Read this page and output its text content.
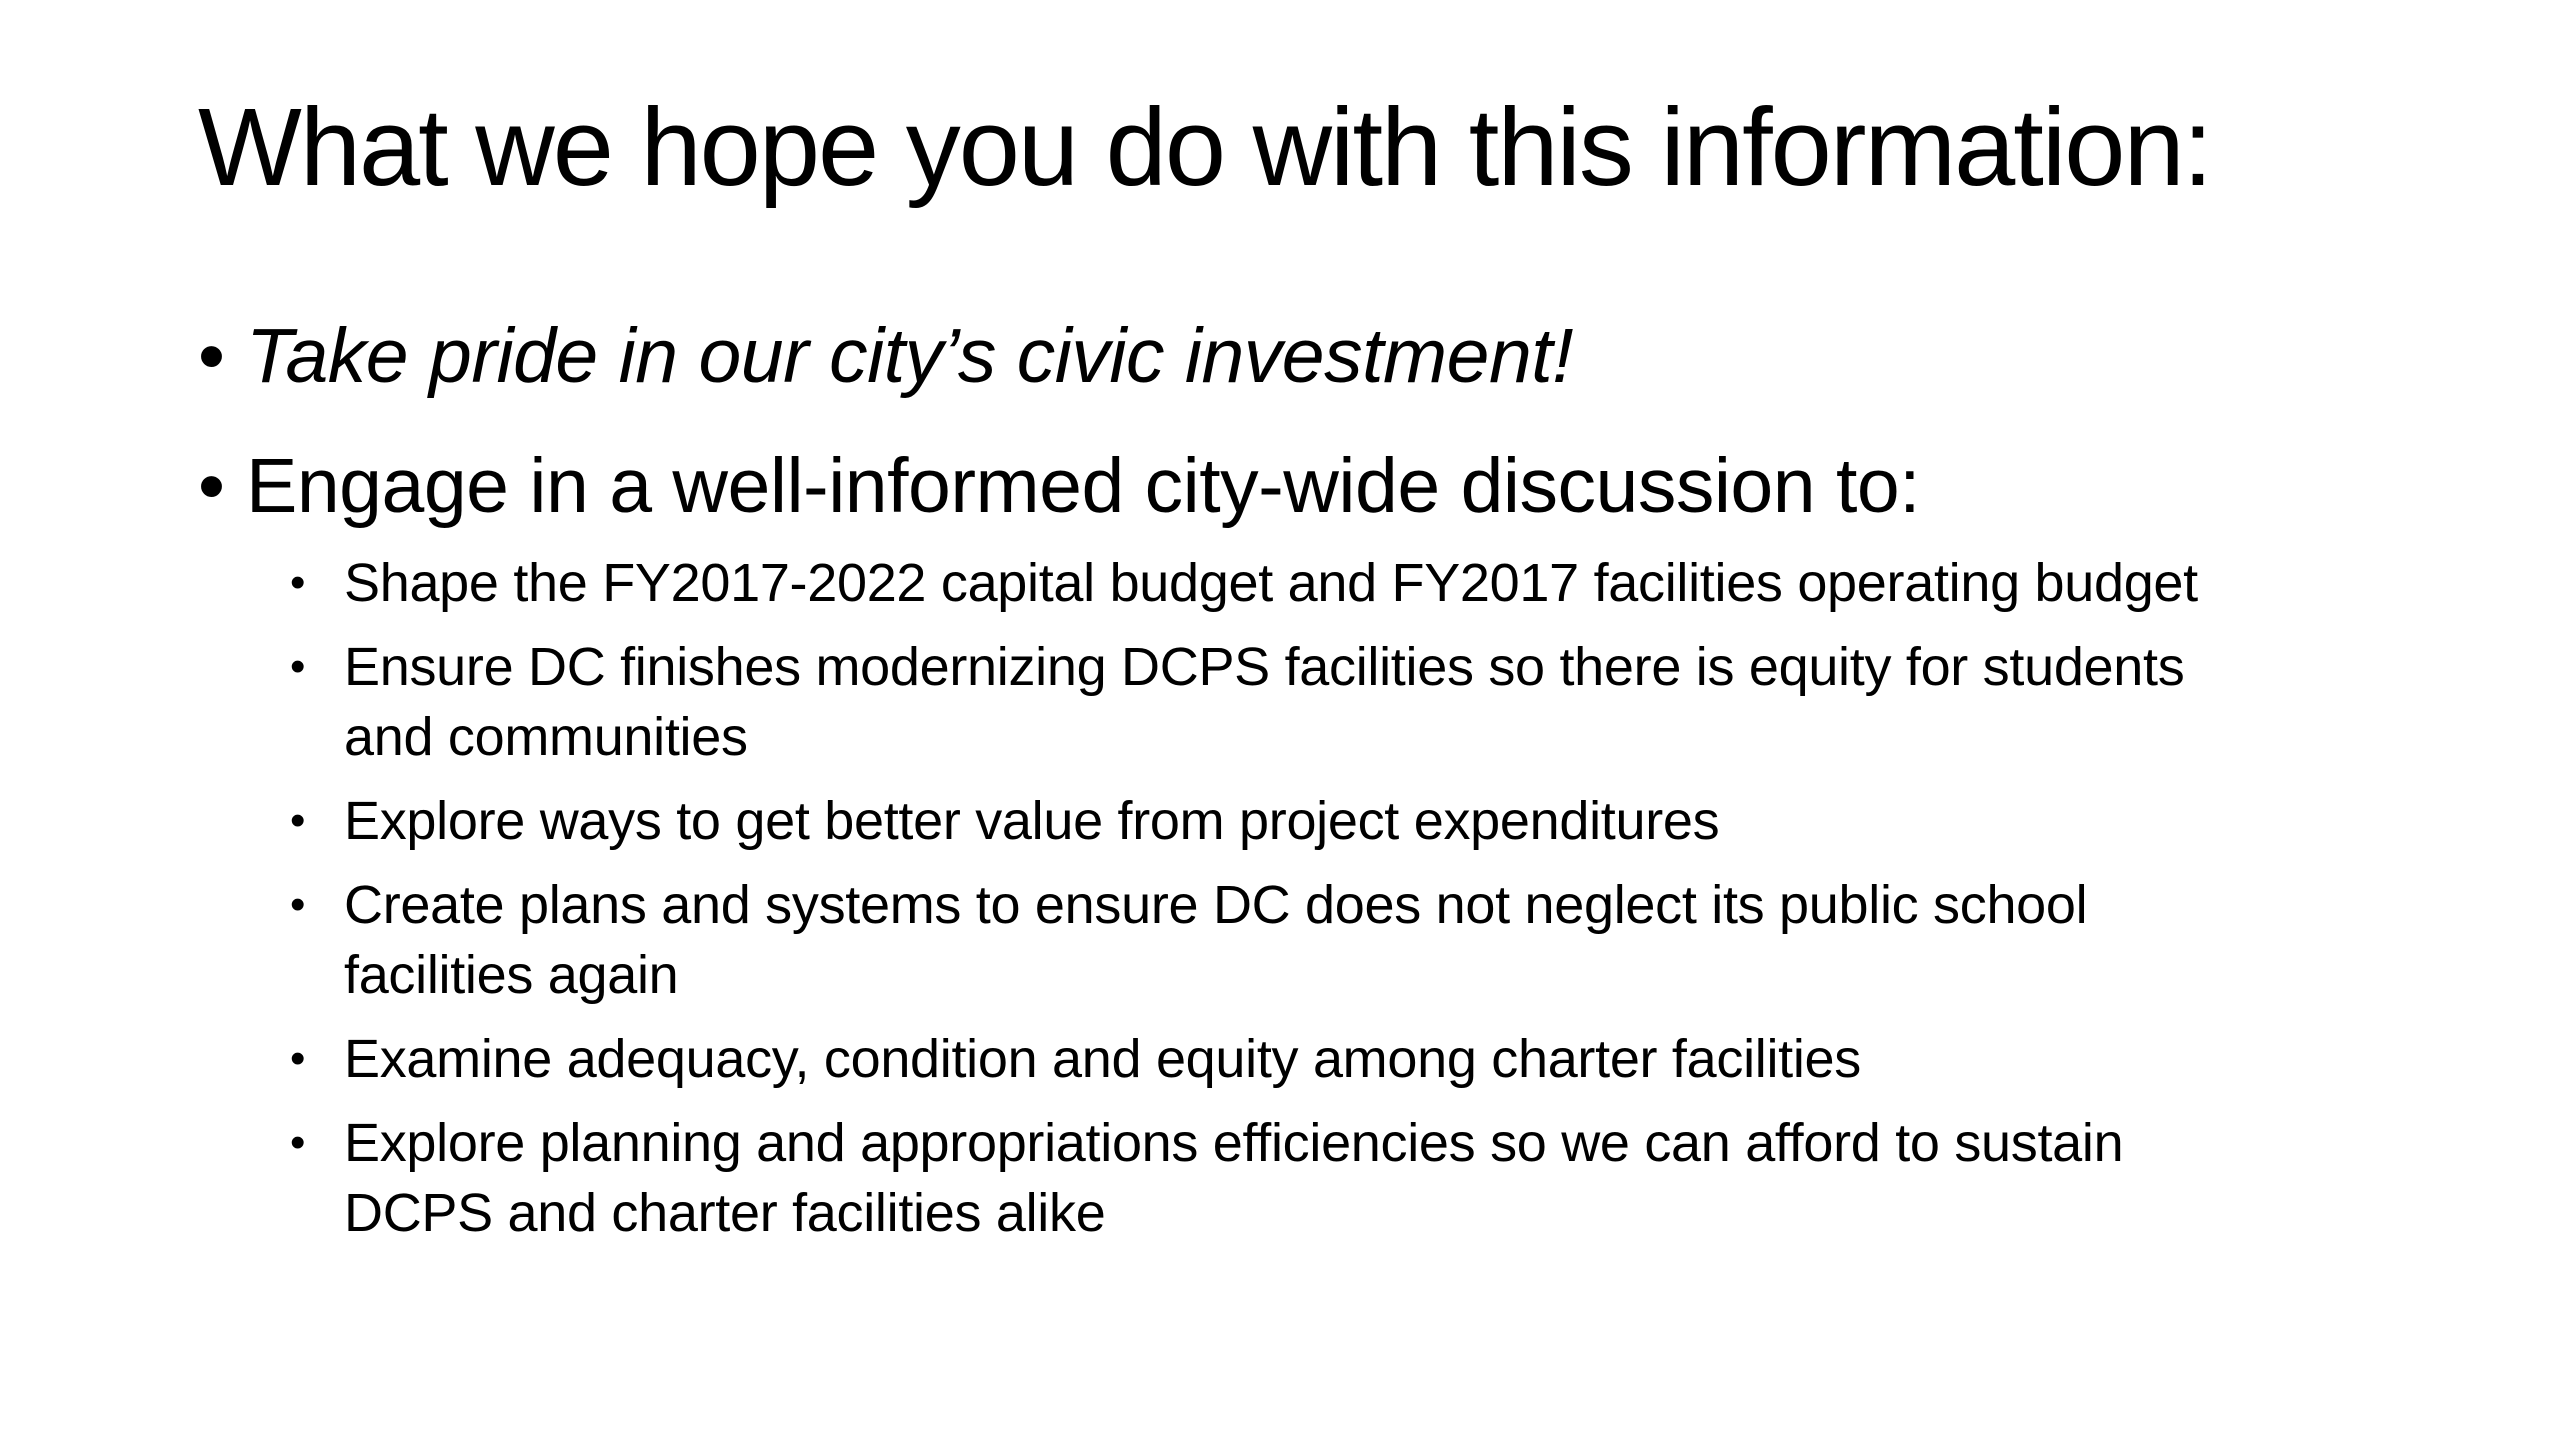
What we hope you do with this information:
• Take pride in our city’s civic investment!
• Engage in a well-informed city-wide discussion to:
• Shape the FY2017-2022 capital budget and FY2017 facilities operating budget
• Ensure DC finishes modernizing DCPS facilities so there is equity for students
and communities
• Explore ways to get better value from project expenditures
• Create plans and systems to ensure DC does not neglect its public school
facilities again
• Examine adequacy, condition and equity among charter facilities
• Explore planning and appropriations efficiencies so we can afford to sustain
DCPS and charter facilities alike
